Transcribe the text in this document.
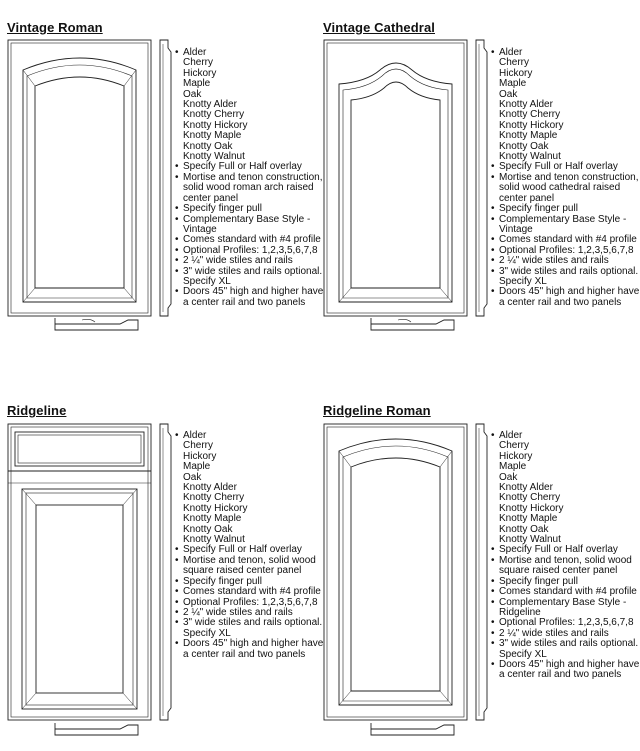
Vintage Roman
• Alder
Cherry
Hickory
Maple
Oak
Knotty Alder
Knotty Cherry
Knotty Hickory
Knotty Maple
Knotty Oak
Knotty Walnut
• Specify Full or Half overlay
• Mortise and tenon construction, solid wood roman arch raised center panel
• Specify finger pull
• Complementary Base Style - Vintage
• Comes standard with #4 profile
• Optional Profiles: 1,2,3,5,6,7,8
• 2 ¼" wide stiles and rails
• 3" wide stiles and rails optional. Specify XL
• Doors 45" high and higher have a center rail and two panels
Vintage Cathedral
• Alder
Cherry
Hickory
Maple
Oak
Knotty Alder
Knotty Cherry
Knotty Hickory
Knotty Maple
Knotty Oak
Knotty Walnut
• Specify Full or Half overlay
• Mortise and tenon construction, solid wood cathedral raised center panel
• Specify finger pull
• Complementary Base Style - Vintage
• Comes standard with #4 profile
• Optional Profiles: 1,2,3,5,6,7,8
• 2 ¼" wide stiles and rails
• 3" wide stiles and rails optional. Specify XL
• Doors 45" high and higher have a center rail and two panels
Ridgeline
• Alder
Cherry
Hickory
Maple
Oak
Knotty Alder
Knotty Cherry
Knotty Hickory
Knotty Maple
Knotty Oak
Knotty Walnut
• Specify Full or Half overlay
• Mortise and tenon, solid wood square raised center panel
• Specify finger pull
• Comes standard with #4 profile
• Optional Profiles: 1,2,3,5,6,7,8
• 2 ¼" wide stiles and rails
• 3" wide stiles and rails optional. Specify XL
• Doors 45" high and higher have a center rail and two panels
Ridgeline Roman
• Alder
Cherry
Hickory
Maple
Oak
Knotty Alder
Knotty Cherry
Knotty Hickory
Knotty Maple
Knotty Oak
Knotty Walnut
• Specify Full or Half overlay
• Mortise and tenon, solid wood square raised center panel
• Specify finger pull
• Comes standard with #4 profile
• Complementary Base Style - Ridgeline
• Optional Profiles: 1,2,3,5,6,7,8
• 2 ¼" wide stiles and rails
• 3" wide stiles and rails optional. Specify XL
• Doors 45" high and higher have a center rail and two panels
